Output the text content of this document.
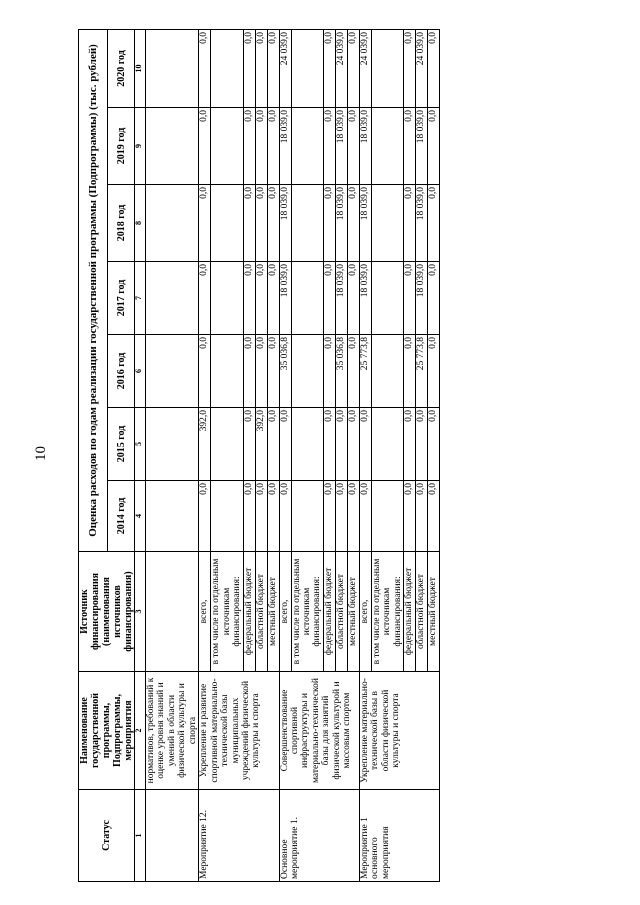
10
Статус	Наименование государственной программы, Подпрограммы, мероприятия	Источник финансирования (наименования источников финансирования)	Оценка расходов по годам реализации государственной программы (Подпрограммы) (тыс. рублей)						
			2014 год	2015 год	2016 год	2017 год	2018 год	2019 год	2020 год
1	2	3	4	5	6	7	8	9	10
	нормативов, требований к оценке уровня знаний и умений в области физической культуры и спорта								
Мероприятие 12.	Укрепление и развитие спортивной материально-технической базы муниципальных учреждений физической культуры и спорта	всего,	0,0	392,0	0,0	0,0	0,0	0,0	0,0
		в том числе по отдельным источникам финансирования:							
		федеральный бюджет	0,0	0,0	0,0	0,0	0,0	0,0	0,0
		областной бюджет	0,0	392,0	0,0	0,0	0,0	0,0	0,0
		местный бюджет	0,0	0,0	0,0	0,0	0,0	0,0	0,0
Основное мероприятие 1.	Совершенствование спортивной инфраструктуры и материально-технической базы для занятий физической культурой и массовым спортом	всего,	0,0	0,0	35 036,8	18 039,0	18 039,0	18 039,0	24 039,0
		в том числе по отдельным источникам финансирования:							
		федеральный бюджет	0,0	0,0	0,0	0,0	0,0	0,0	0,0
		областной бюджет	0,0	0,0	35 036,8	18 039,0	18 039,0	18 039,0	24 039,0
		местный бюджет	0,0	0,0	0,0	0,0	0,0	0,0	0,0
Мероприятие 1 основного мероприятия	Укрепление материально-технической базы в области физической культуры и спорта	всего,	0,0	0,0	25 773,8	18 039,0	18 039,0	18 039,0	24 039,0
		в том числе по отдельным источникам финансирования:							
		федеральный бюджет	0,0	0,0	0,0	0,0	0,0	0,0	0,0
		областной бюджет	0,0	0,0	25 773,8	18 039,0	18 039,0	18 039,0	24 039,0
		местный бюджет	0,0	0,0	0,0	0,0	0,0	0,0	0,0
